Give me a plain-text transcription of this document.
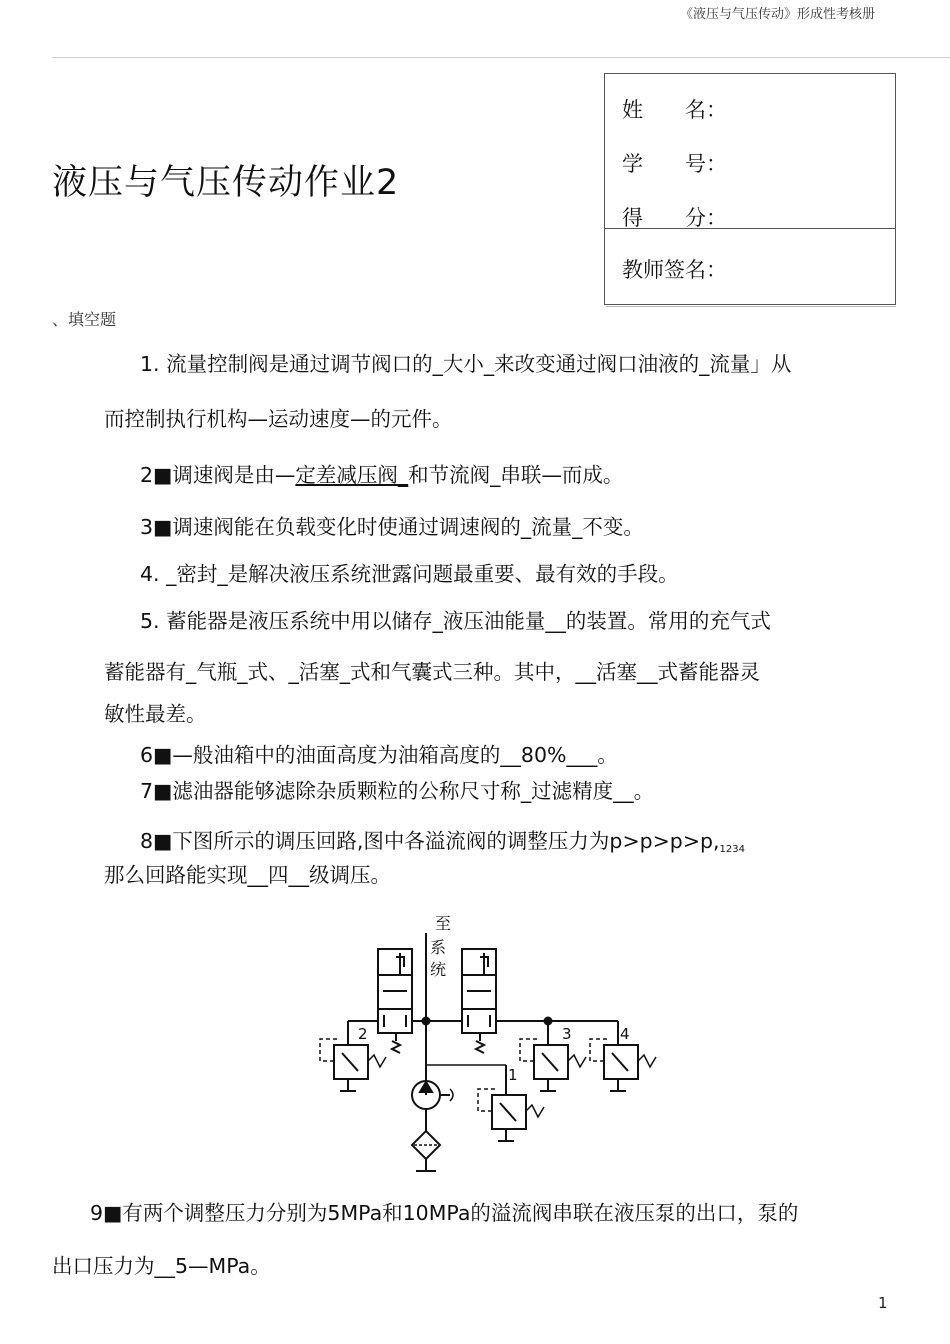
《液压与气压传动》形成性考核册
液压与气压传动作业2
姓　　名：
学　　号：
得　　分：
教师签名：
、填空题
1. 流量控制阀是通过调节阀口的_大小_来改变通过阀口油液的_流量」从
而控制执行机构—运动速度—的元件。
2■调速阀是由—定差减压阀_和节流阀_串联—而成。
3■调速阀能在负载变化时使通过调速阀的_流量_不变。
4. _密封_是解决液压系统泄露问题最重要、最有效的手段。
5. 蓄能器是液压系统中用以储存_液压油能量__的装置。常用的充气式
蓄能器有_气瓶_式、_活塞_式和气囊式三种。其中，__活塞__式蓄能器灵
敏性最差。
6■—般油箱中的油面高度为油箱高度的__80%___。
7■滤油器能够滤除杂质颗粒的公称尺寸称_过滤精度__。
8■下图所示的调压回路,图中各溢流阀的调整压力为p>p>p>p,1234
那么回路能实现__四__级调压。
至
系
统
2	3	4
1
9■有两个调整压力分别为5MPa和10MPa的溢流阀串联在液压泵的出口，泵的
出口压力为__5—MPa。
1
